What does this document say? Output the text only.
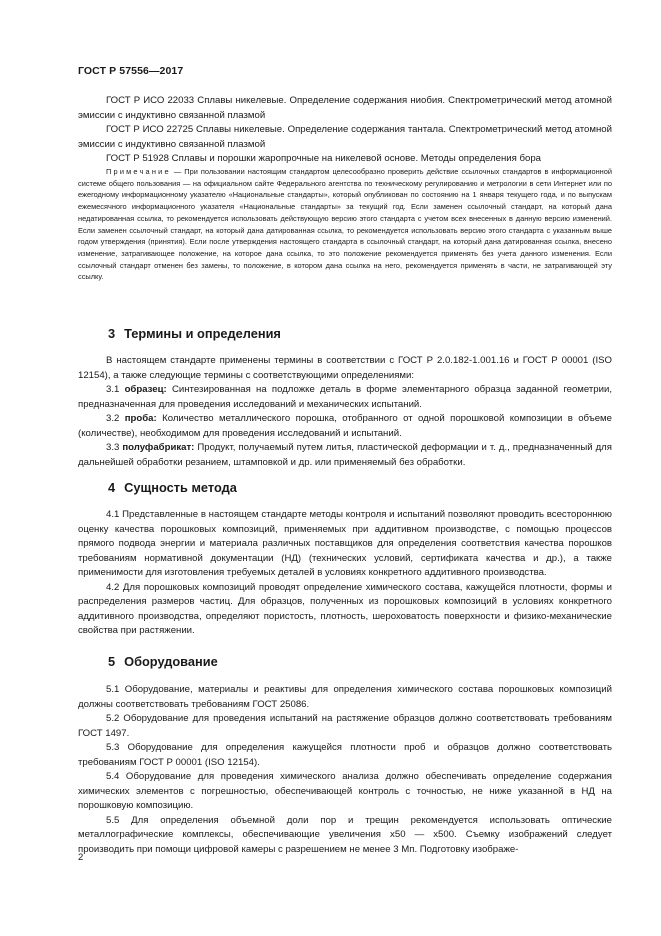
ГОСТ Р 57556—2017

ГОСТ Р ИСО 22033 Сплавы никелевые. Определение содержания ниобия. Спектрометрический метод атомной эмиссии с индуктивно связанной плазмой

ГОСТ Р ИСО 22725 Сплавы никелевые. Определение содержания тантала. Спектрометрический метод атомной эмиссии с индуктивно связанной плазмой

ГОСТ Р 51928 Сплавы и порошки жаропрочные на никелевой основе. Методы определения бора

Примечание — При пользовании настоящим стандартом целесообразно проверить действие ссылочных стандартов в информационной системе общего пользования — на официальном сайте Федерального агентства по техническому регулированию и метрологии в сети Интернет или по ежегодному информационному указателю «Национальные стандарты», который опубликован по состоянию на 1 января текущего года, и по выпускам ежемесячного информационного указателя «Национальные стандарты» за текущий год. Если заменен ссылочный стандарт, на который дана недатированная ссылка, то рекомендуется использовать действующую версию этого стандарта с учетом всех внесенных в данную версию изменений. Если заменен ссылочный стандарт, на который дана датированная ссылка, то рекомендуется использовать версию этого стандарта с указанным выше годом утверждения (принятия). Если после утверждения настоящего стандарта в ссылочный стандарт, на который дана датированная ссылка, внесено изменение, затрагивающее положение, на которое дана ссылка, то это положение рекомендуется применять без учета данного изменения. Если ссылочный стандарт отменен без замены, то положение, в котором дана ссылка на него, рекомендуется применять в части, не затрагивающей эту ссылку.

3 Термины и определения

В настоящем стандарте применены термины в соответствии с ГОСТ Р 2.0.182-1.001.16 и ГОСТ Р 00001 (ISO 12154), а также следующие термины с соответствующими определениями:

3.1 образец: Синтезированная на подложке деталь в форме элементарного образца заданной геометрии, предназначенная для проведения исследований и механических испытаний.

3.2 проба: Количество металлического порошка, отобранного от одной порошковой композиции в объеме (количестве), необходимом для проведения исследований и испытаний.

3.3 полуфабрикат: Продукт, получаемый путем литья, пластической деформации и т. д., предназначенный для дальнейшей обработки резанием, штамповкой и др. или применяемый без обработки.

4 Сущность метода

4.1 Представленные в настоящем стандарте методы контроля и испытаний позволяют проводить всестороннюю оценку качества порошковых композиций, применяемых при аддитивном производстве, с помощью процессов прямого подвода энергии и материала различных поставщиков для определения соответствия качества порошков требованиям нормативной документации (НД) (технических условий, сертификата качества и др.), а также применимости для изготовления требуемых деталей в условиях конкретного аддитивного производства.

4.2 Для порошковых композиций проводят определение химического состава, кажущейся плотности, формы и распределения размеров частиц. Для образцов, полученных из порошковых композиций в условиях конкретного аддитивного производства, определяют пористость, плотность, шероховатость поверхности и физико-механические свойства при растяжении.

5 Оборудование

5.1 Оборудование, материалы и реактивы для определения химического состава порошковых композиций должны соответствовать требованиям ГОСТ 25086.

5.2 Оборудование для проведения испытаний на растяжение образцов должно соответствовать требованиям ГОСТ 1497.

5.3 Оборудование для определения кажущейся плотности проб и образцов должно соответствовать требованиям ГОСТ Р 00001 (ISO 12154).

5.4 Оборудование для проведения химического анализа должно обеспечивать определение содержания химических элементов с погрешностью, обеспечивающей контроль с точностью, не ниже указанной в НД на порошковую композицию.

5.5 Для определения объемной доли пор и трещин рекомендуется использовать оптические металлографические комплексы, обеспечивающие увеличения х50 — х500. Съемку изображений следует производить при помощи цифровой камеры с разрешением не менее 3 Мп. Подготовку изображе-

2
